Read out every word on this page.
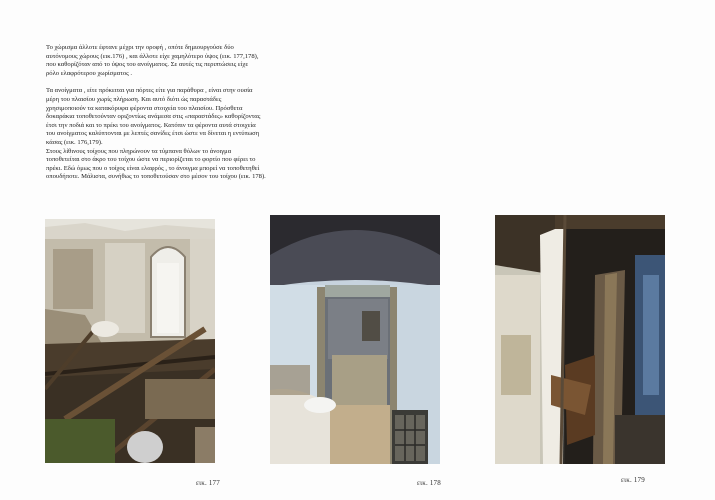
Το χώρισμα άλλοτε έφτανε μέχρι την οροφή , οπότε δημιουργούσε δύο
αυτόνομους χώρους (εικ.176) , και άλλοτε είχε χαμηλότερο ύψος (εικ. 177,178),
που καθορίζόταν από το ύψος του ανοίγματος. Σε αυτές τις περιπτώσεις είχε
ρόλο ελαφρότερου χωρίσματος .

Τα ανοίγματα , είτε πρόκειται για πόρτες είτε για παράθυρα , είναι στην ουσία
μέρη του πλαισίου χωρίς πλήρωση. Και αυτό διότι ώς παραστάδες
χρησιμοποιούν τα κατακόρυφα φέροντα στοιχεία του πλαισίου. Πρόσθετα
δοκαράκια τοποθετούνταν οριζοντίως ανάμεσα στις «παραστάδες» καθορίζοντας
έτσι την ποδιά και το πρέκι του ανοίγματος. Κατόπιν τα φέροντα αυτά στοιχεία
του ανοίγματος καλύπτονται με λεπτές σανίδες έτσι ώστε να δίνεται η εντύπωση
κάσας (εικ. 176,179).
Στους λίθινους τοίχους που πληρώνουν τα τύμπανα θόλων το άνοιγμα
τοποθετείται στο άκρο του τοίχου ώστε να περιορίζεται το φορτίο που φέρει το
πρέκι. Εδώ όμως που ο τοίχος είναι ελαφρός , το άνοιγμα μπορεί να τοποθετηθεί
οπουδήποτε. Μάλιστα, συνήθως το τοποθετούσαν στο μέσον του τοίχου (εικ. 178).

εικ. 177	εικ. 178	εικ. 179
